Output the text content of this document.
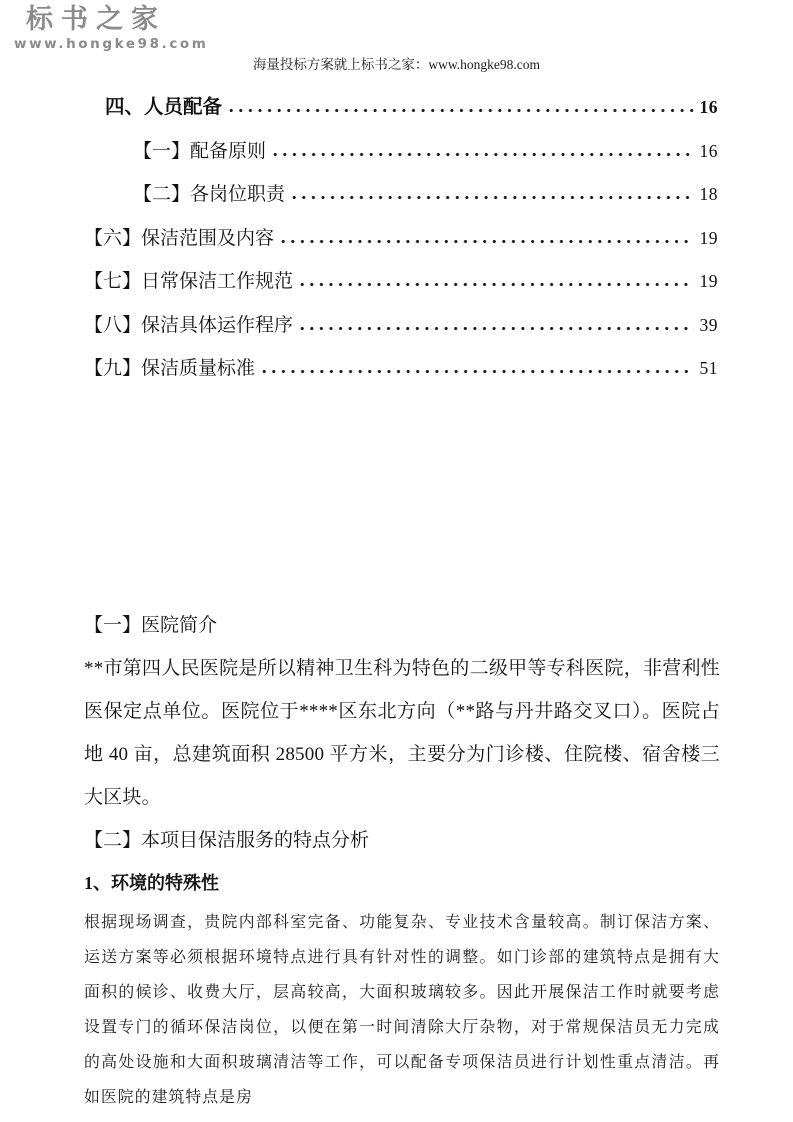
标书之家
www.hongke98.com
海量投标方案就上标书之家：www.hongke98.com
四、人员配备	16
【一】配备原则	16
【二】各岗位职责	18
【六】保洁范围及内容	19
【七】日常保洁工作规范	19
【八】保洁具体运作程序	39
【九】保洁质量标准	51

【一】医院简介

**市第四人民医院是所以精神卫生科为特色的二级甲等专科医院，非营利性医保定点单位。医院位于****区东北方向（**路与丹井路交叉口）。医院占地 40 亩，总建筑面积 28500 平方米，主要分为门诊楼、住院楼、宿舍楼三大区块。

【二】本项目保洁服务的特点分析

1、环境的特殊性

根据现场调查，贵院内部科室完备、功能复杂、专业技术含量较高。制订保洁方案、运送方案等必须根据环境特点进行具有针对性的调整。如门诊部的建筑特点是拥有大面积的候诊、收费大厅，层高较高，大面积玻璃较多。因此开展保洁工作时就要考虑设置专门的循环保洁岗位，以便在第一时间清除大厅杂物，对于常规保洁员无力完成的高处设施和大面积玻璃清洁等工作，可以配备专项保洁员进行计划性重点清洁。再如医院的建筑特点是房
